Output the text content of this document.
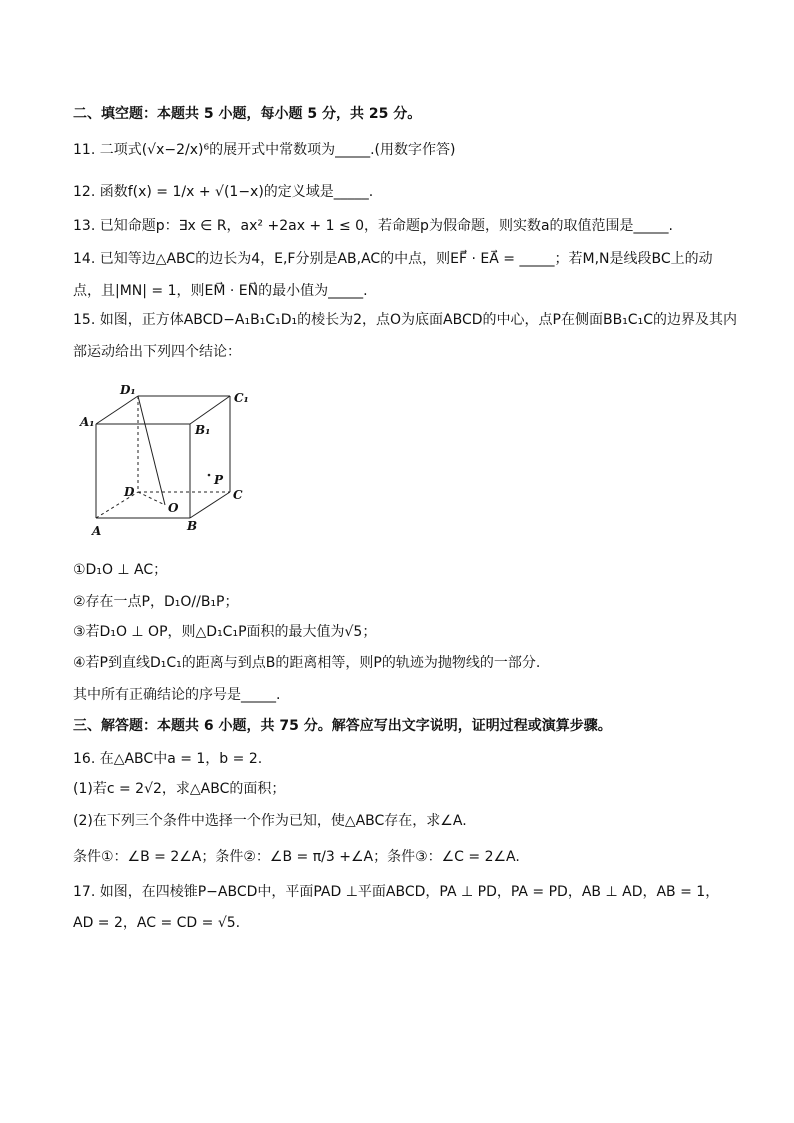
二、填空题：本题共 5 小题，每小题 5 分，共 25 分。
11. 二项式(√x−2/x)⁶的展开式中常数项为_____.(用数字作答)
12. 函数f(x) = 1/x + √(1−x)的定义域是_____.
13. 已知命题p：∃x ∈ R，ax² +2ax + 1 ≤ 0，若命题p为假命题，则实数a的取值范围是_____.
14. 已知等边△ABC的边长为4，E,F分别是AB,AC的中点，则EF⃗ · EA⃗ = _____；若M,N是线段BC上的动
点，且|MN| = 1，则EM⃗ · EN⃗的最小值为_____.
15. 如图，正方体ABCD−A₁B₁C₁D₁的棱长为2，点O为底面ABCD的中心，点P在侧面BB₁C₁C的边界及其内
部运动给出下列四个结论：
D₁
C₁
A₁
B₁
P
D	C
O
A	B
①D₁O ⊥ AC；
②存在一点P，D₁O//B₁P；
③若D₁O ⊥ OP，则△D₁C₁P面积的最大值为√5；
④若P到直线D₁C₁的距离与到点B的距离相等，则P的轨迹为抛物线的一部分.
其中所有正确结论的序号是_____.
三、解答题：本题共 6 小题，共 75 分。解答应写出文字说明，证明过程或演算步骤。
16. 在△ABC中a = 1，b = 2.
(1)若c = 2√2，求△ABC的面积；
(2)在下列三个条件中选择一个作为已知，使△ABC存在，求∠A.
条件①：∠B = 2∠A；条件②：∠B = π/3 +∠A；条件③：∠C = 2∠A.
17. 如图，在四棱锥P−ABCD中，平面PAD ⊥平面ABCD，PA ⊥ PD，PA = PD，AB ⊥ AD，AB = 1，
AD = 2，AC = CD = √5.
